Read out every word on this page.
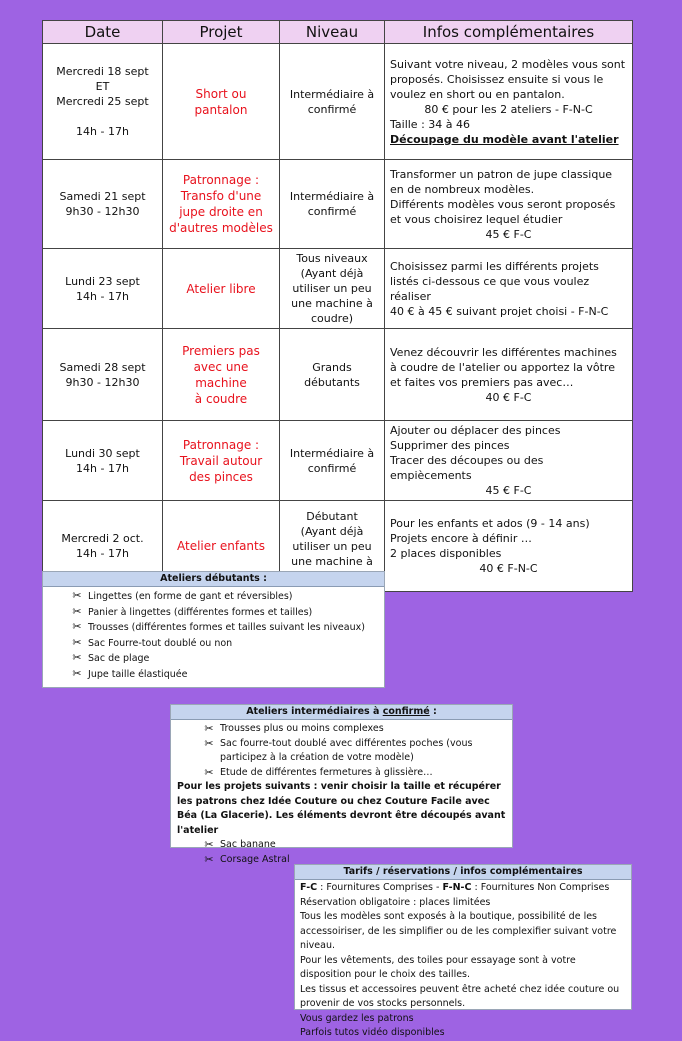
Date	Projet	Niveau	Infos complémentaires

Mercredi 18 sept
ET
Mercredi 25 sept
14h - 17h	Short ou
pantalon	Intermédiaire à
confirmé	Suivant votre niveau, 2 modèles vous sont proposés. Choisissez ensuite si vous le voulez en short ou en pantalon.
80 € pour les 2 ateliers - F-N-C
Taille : 34 à 46
Découpage du modèle avant l'atelier

Samedi 21 sept
9h30 - 12h30	Patronnage :
Transfo d'une
jupe droite en
d'autres modèles	Intermédiaire à
confirmé	Transformer un patron de jupe classique en de nombreux modèles.
Différents modèles vous seront proposés et vous choisirez lequel étudier
45 € F-C

Lundi 23 sept
14h - 17h	Atelier libre	Tous niveaux
(Ayant déjà
utiliser un peu
une machine à
coudre)	Choisissez parmi les différents projets listés ci-dessous ce que vous voulez réaliser
40 € à 45 € suivant projet choisi - F-N-C

Samedi 28 sept
9h30 - 12h30	Premiers pas
avec une machine
à coudre	Grands
débutants	Venez découvrir les différentes machines à coudre de l'atelier ou apportez la vôtre et faites vos premiers pas avec…
40 € F-C

Lundi 30 sept
14h - 17h	Patronnage :
Travail autour
des pinces	Intermédiaire à
confirmé	Ajouter ou déplacer des pinces
Supprimer des pinces
Tracer des découpes ou des empiècements
45 € F-C

Mercredi 2 oct.
14h - 17h	Atelier enfants	Débutant
(Ayant déjà
utiliser un peu
une machine à	Pour les enfants et ados (9 - 14 ans)
Projets encore à définir …
2 places disponibles
40 € F-N-C
Ateliers débutants :
✂ Lingettes (en forme de gant et réversibles)
✂ Panier à lingettes (différentes formes et tailles)
✂ Trousses (différentes formes et tailles suivant les niveaux)
✂ Sac Fourre-tout doublé ou non
✂ Sac de plage
✂ Jupe taille élastiquée
Ateliers intermédiaires à confirmé :
✂ Trousses plus ou moins complexes
✂ Sac fourre-tout doublé avec différentes poches (vous participez à la création de votre modèle)
✂ Etude de différentes fermetures à glissière…
Pour les projets suivants : venir choisir la taille et récupérer les patrons chez Idée Couture ou chez Couture Facile avec Béa (La Glacerie). Les éléments devront être découpés avant l'atelier
✂ Sac banane
✂ Corsage Astral
Tarifs / réservations / infos complémentaires
F-C : Fournitures Comprises - F-N-C : Fournitures Non Comprises
Réservation obligatoire : places limitées
Tous les modèles sont exposés à la boutique, possibilité de les accessoiriser, de les simplifier ou de les complexifier suivant votre niveau.
Pour les vêtements, des toiles pour essayage sont à votre disposition pour le choix des tailles.
Les tissus et accessoires peuvent être acheté chez idée couture ou provenir de vos stocks personnels.
Vous gardez les patrons
Parfois tutos vidéo disponibles
